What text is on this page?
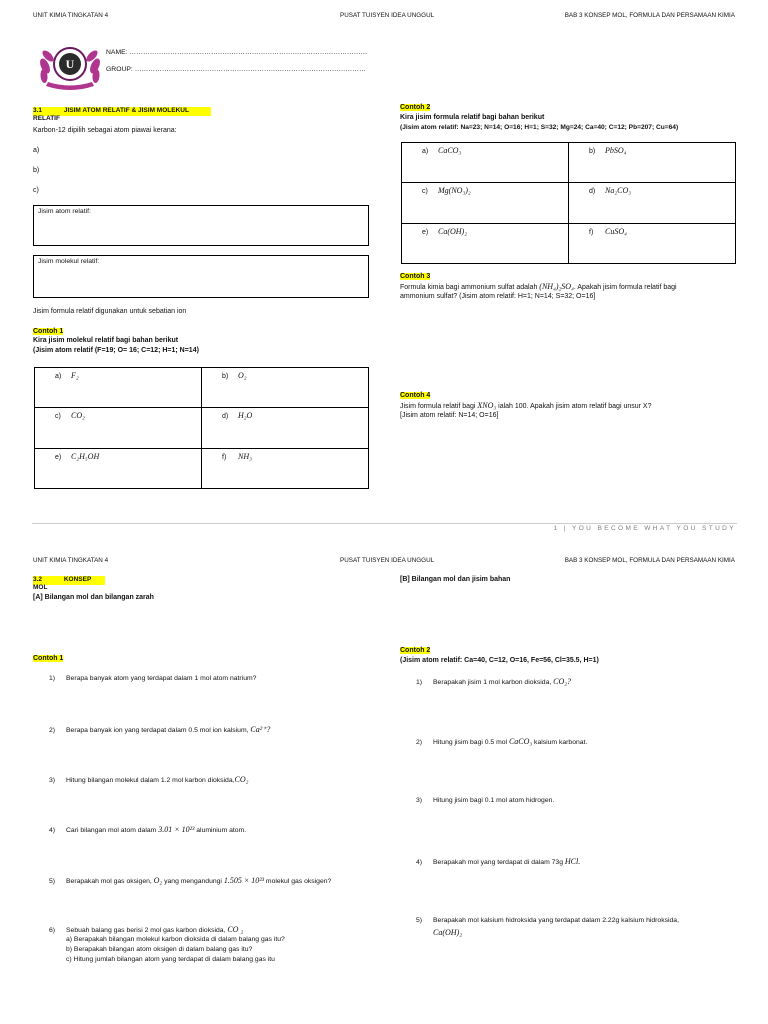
UNIT KIMIA TINGKATAN 4	PUSAT TUISYEN IDEA UNGGUL	BAB 3 KONSEP MOL, FORMULA DAN PERSAMAAN KIMIA
U
NAME: ……………………………………………………………………………………………
GROUP: …………………………………………………………………………………………
3.1	JISIM ATOM RELATIF & JISIM MOLEKUL RELATIF
Karbon-12 dipilih sebagai atom piawai kerana:
a)
b)
c)
Jisim atom relatif:
Jisim molekul relatif:
Jisim formula relatif digunakan untuk sebatian ion
Contoh 1
Kira jisim molekul relatif bagi bahan berikut
(Jisim atom relatif (F=19; O= 16; C=12; H=1; N=14)
a) F₂	b) O₂
c) CO₂	d) H₂O
e) C₂H₅OH	f) NH₃
Contoh 2
Kira jisim formula relatif bagi bahan berikut
(Jisim atom relatif: Na=23; N=14; O=16; H=1; S=32; Mg=24; Ca=40; C=12; Pb=207; Cu=64)
a) CaCO₃	b) PbSO₄
c) Mg(NO₃)₂	d) Na₂CO₃
e) Ca(OH)₂	f) CuSO₄
Contoh 3
Formula kimia bagi ammonium sulfat adalah (NH₄)₂SO₄. Apakah jisim formula relatif bagi
ammonium sulfat? (Jisim atom relatif: H=1; N=14; S=32; O=16]
Contoh 4
Jisim formula relatif bagi XNO₃ ialah 100. Apakah jisim atom relatif bagi unsur X?
[Jisim atom relatif: N=14; O=16]
1 | YOU BECOME WHAT YOU STUDY
UNIT KIMIA TINGKATAN 4	PUSAT TUISYEN IDEA UNGGUL	BAB 3 KONSEP MOL, FORMULA DAN PERSAMAAN KIMIA
3.2	KONSEP MOL
[A] Bilangan mol dan bilangan zarah
[B] Bilangan mol dan jisim bahan
Contoh 1
1) Berapa banyak atom yang terdapat dalam 1 mol atom natrium?
2) Berapa banyak ion yang terdapat dalam 0.5 mol ion kalsium, Ca²⁺?
3) Hitung bilangan molekul dalam 1.2 mol karbon dioksida,CO₂
4) Cari bilangan mol atom dalam 3.01 × 10²³ aluminium atom.
5) Berapakah mol gas oksigen, O₂ yang mengandungi 1.505 × 10²³ molekul gas oksigen?
6) Sebuah balang gas berisi 2 mol gas karbon dioksida, CO ₂
a) Berapakah bilangan molekul karbon dioksida di dalam balang gas itu?
b) Berapakah bilangan atom oksigen di dalam balang gas itu?
c) Hitung jumlah bilangan atom yang terdapat di dalam balang gas itu
Contoh 2
(Jisim atom relatif: Ca=40, C=12, O=16, Fe=56, Cl=35.5, H=1)
1) Berapakah jisim 1 mol karbon dioksida, CO₂?
2) Hitung jisim bagi 0.5 mol CaCO₃ kalsium karbonat.
3) Hitung jisim bagi 0.1 mol atom hidrogen.
4) Berapakah mol yang terdapat di dalam 73g HCl.
5) Berapakah mol kalsium hidroksida yang terdapat dalam 2.22g kalsium hidroksida,
Ca(OH)₂
